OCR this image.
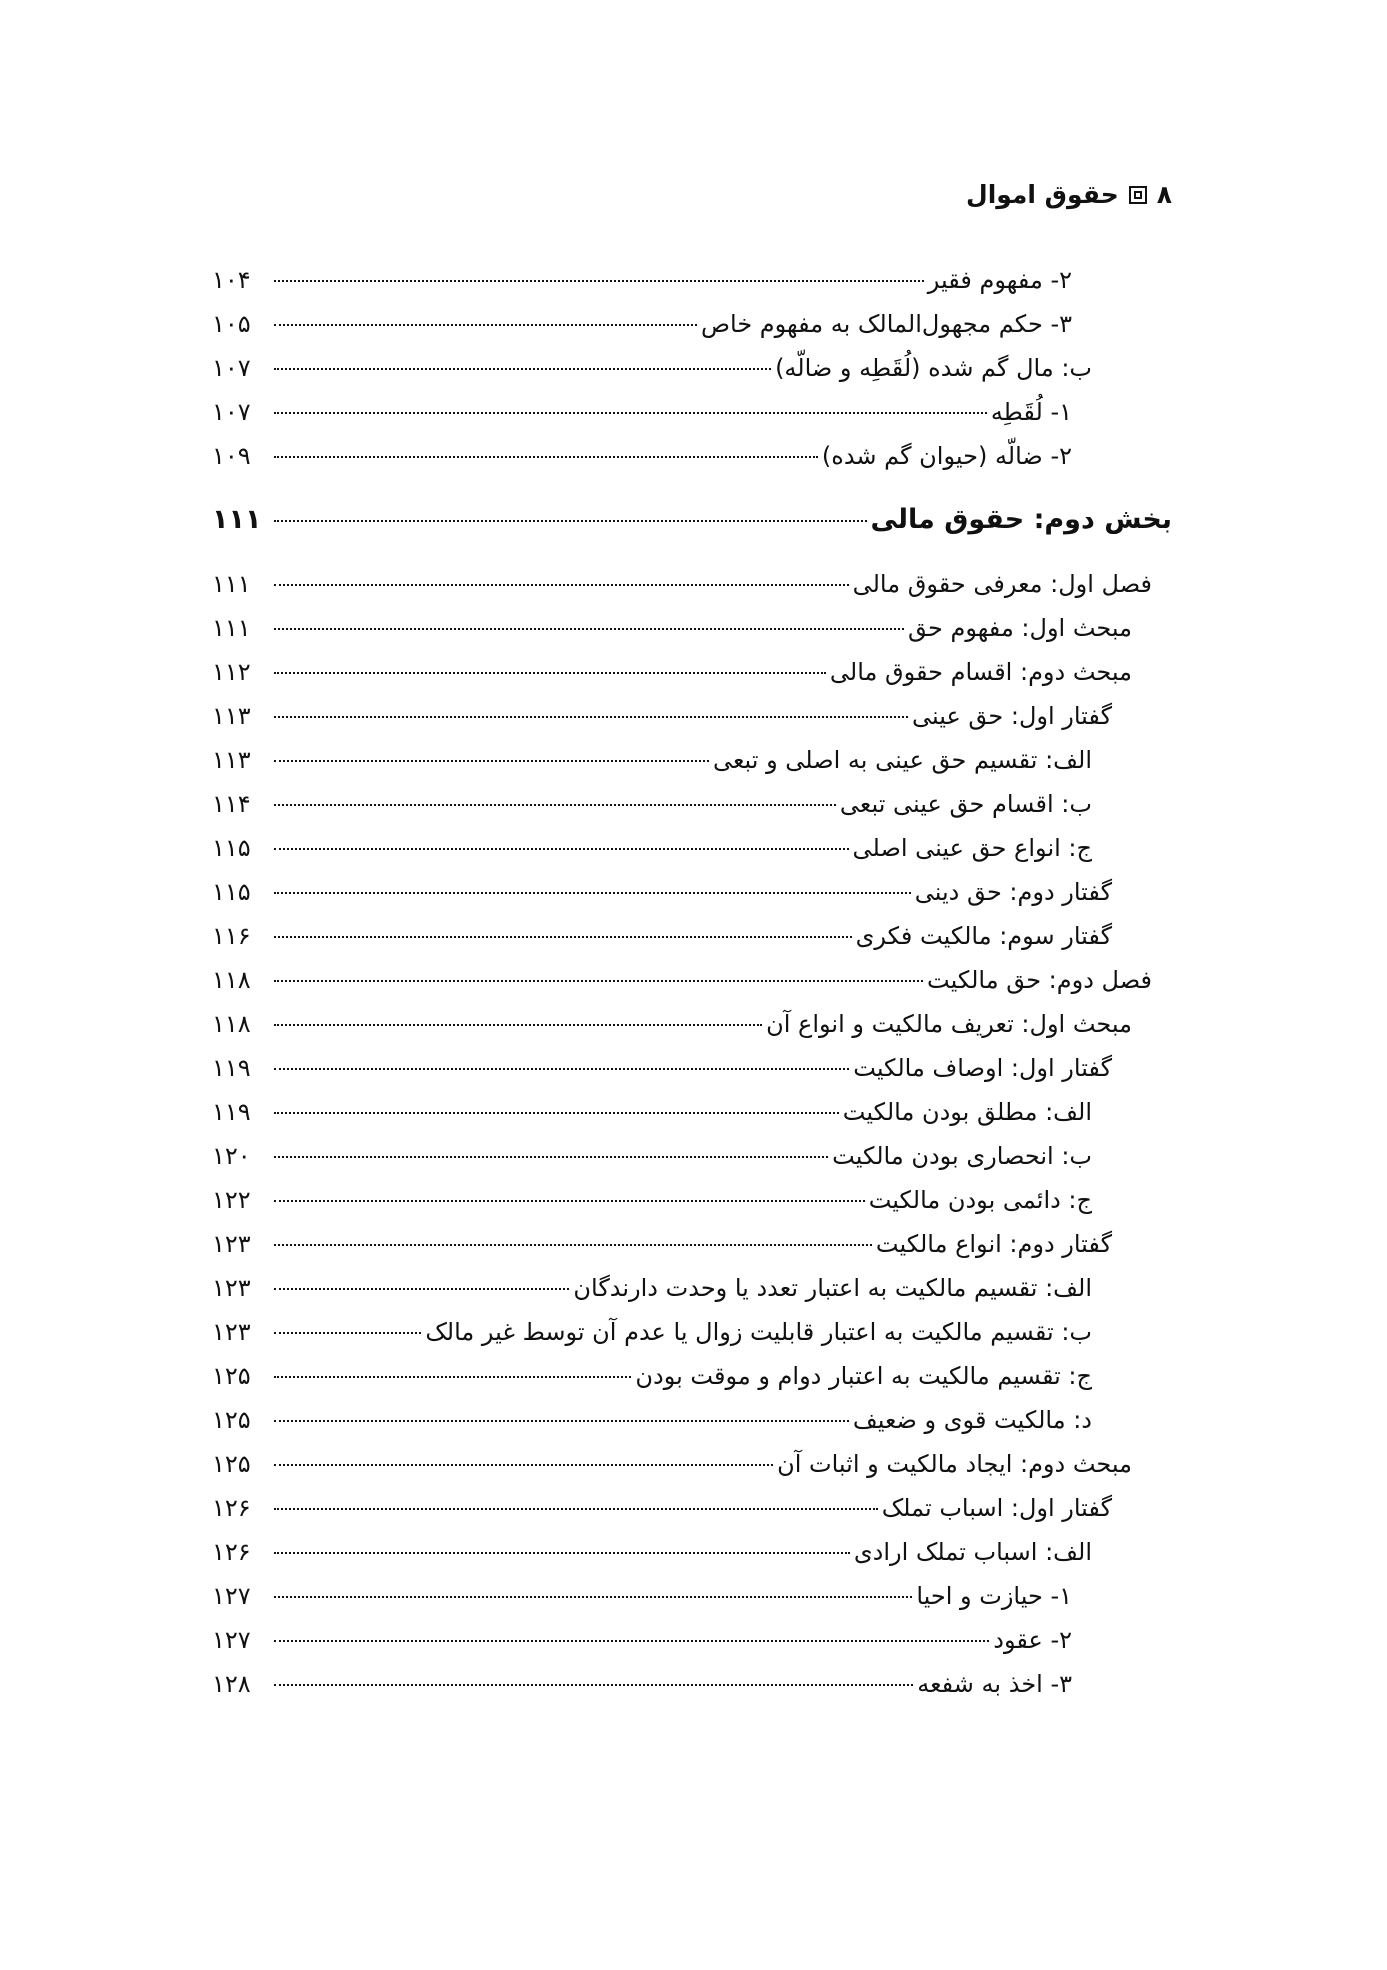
۸
حقوق اموال
۲- مفهوم فقیر
۱۰۴
۳- حکم مجهول‌المالک به مفهوم خاص
۱۰۵
ب: مال گم شده (لُقَطِه و ضالّه)
۱۰۷
۱- لُقَطِه
۱۰۷
۲- ضالّه (حیوان گم شده)
۱۰۹
بخش دوم: حقوق مالی
۱۱۱
فصل اول: معرفی حقوق مالی
۱۱۱
مبحث اول: مفهوم حق
۱۱۱
مبحث دوم: اقسام حقوق مالی
۱۱۲
گفتار اول: حق عینی
۱۱۳
الف: تقسیم حق عینی به اصلی و تبعی
۱۱۳
ب: اقسام حق عینی تبعی
۱۱۴
ج: انواع حق عینی اصلی
۱۱۵
گفتار دوم: حق دینی
۱۱۵
گفتار سوم: مالکیت فکری
۱۱۶
فصل دوم: حق مالکیت
۱۱۸
مبحث اول: تعریف مالکیت و انواع آن
۱۱۸
گفتار اول: اوصاف مالکیت
۱۱۹
الف: مطلق بودن مالکیت
۱۱۹
ب: انحصاری بودن مالکیت
۱۲۰
ج: دائمی بودن مالکیت
۱۲۲
گفتار دوم: انواع مالکیت
۱۲۳
الف: تقسیم مالکیت به اعتبار تعدد یا وحدت دارندگان
۱۲۳
ب: تقسیم مالکیت به اعتبار قابلیت زوال یا عدم آن توسط غیر مالک
۱۲۳
ج: تقسیم مالکیت به اعتبار دوام و موقت بودن
۱۲۵
د: مالکیت قوی و ضعیف
۱۲۵
مبحث دوم: ایجاد مالکیت و اثبات آن
۱۲۵
گفتار اول: اسباب تملک
۱۲۶
الف: اسباب تملک ارادی
۱۲۶
۱- حیازت و احیا
۱۲۷
۲- عقود
۱۲۷
۳- اخذ به شفعه
۱۲۸
